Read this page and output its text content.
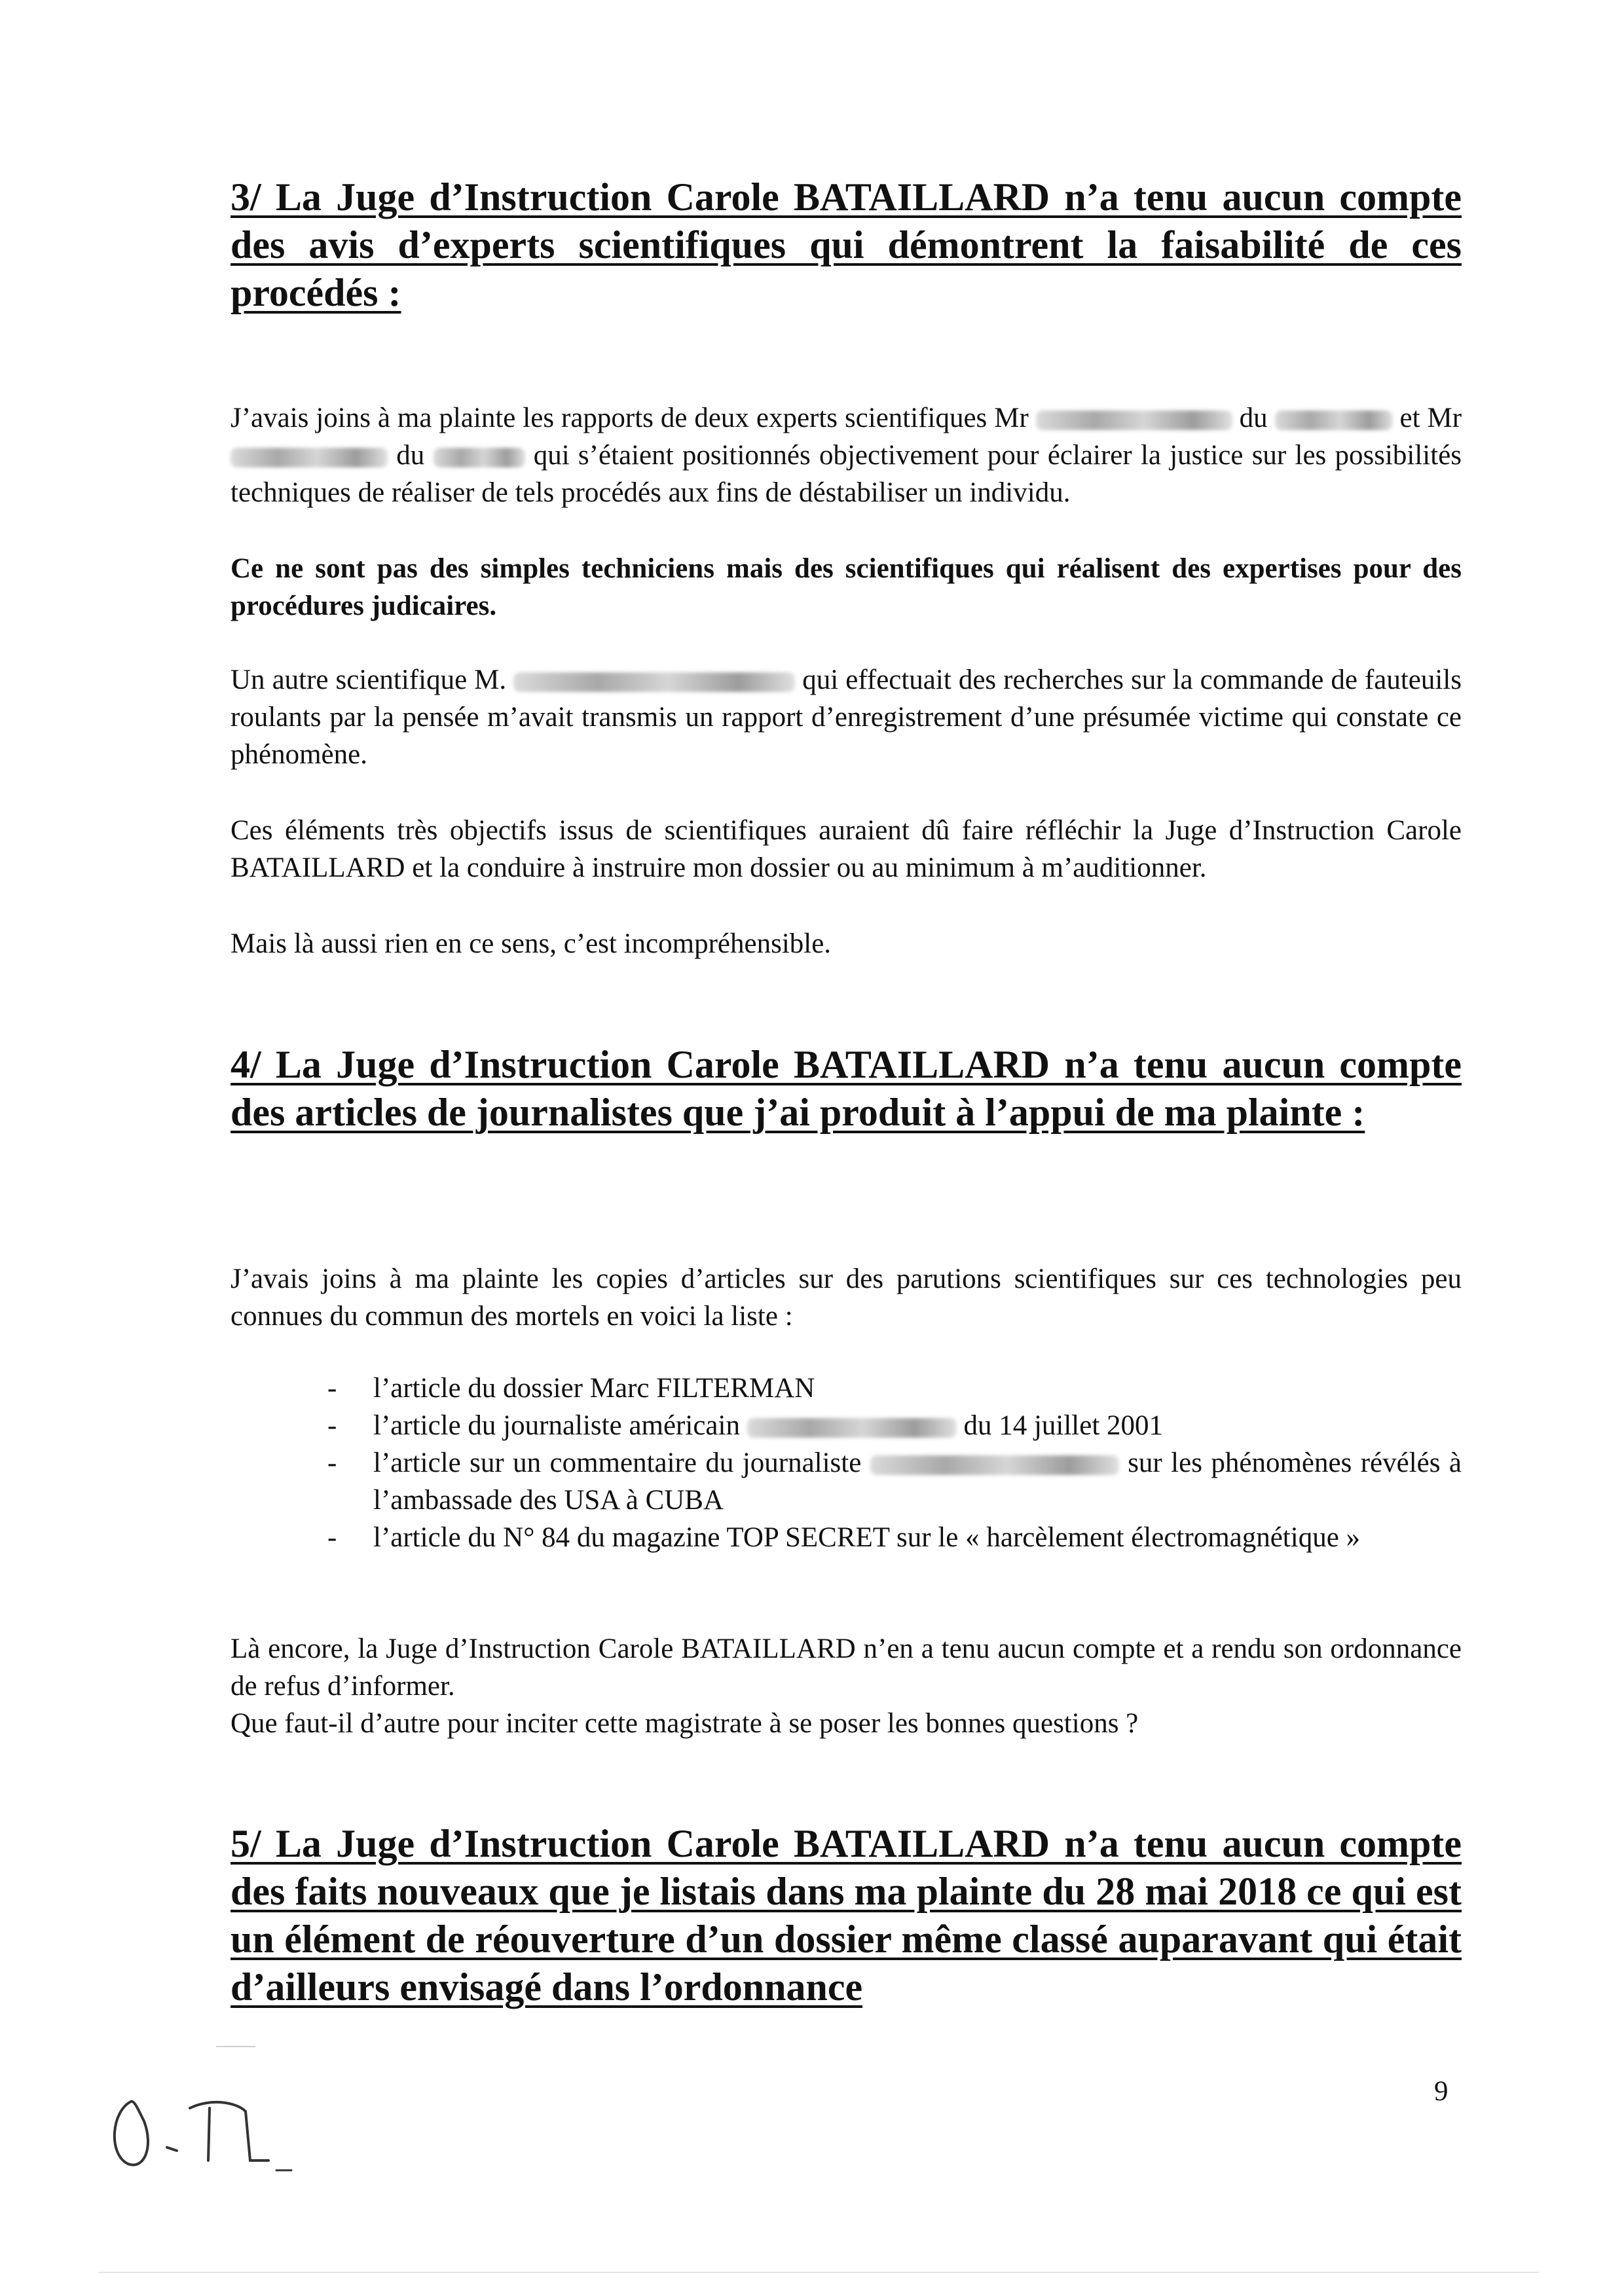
3/ La Juge d’Instruction Carole BATAILLARD n’a tenu aucun compte des avis d’experts scientifiques qui démontrent la faisabilité de ces procédés :

J’avais joins à ma plainte les rapports de deux experts scientifiques Mr	du	et Mr  du	qui s’étaient positionnés objectivement pour éclairer la justice sur les possibilités techniques de réaliser de tels procédés aux fins de déstabiliser un individu.

Ce ne sont pas des simples techniciens mais des scientifiques qui réalisent des expertises pour des procédures judicaires.

Un autre scientifique M.	qui effectuait des recherches sur la commande de fauteuils roulants par la pensée m’avait transmis un rapport d’enregistrement d’une présumée victime qui constate ce phénomène.

Ces éléments très objectifs issus de scientifiques auraient dû faire réfléchir la Juge d’Instruction Carole BATAILLARD et la conduire à instruire mon dossier ou au minimum à m’auditionner.

Mais là aussi rien en ce sens, c’est incompréhensible.

4/ La Juge d’Instruction Carole BATAILLARD n’a tenu aucun compte des articles de journalistes que j’ai produit à l’appui de ma plainte :

J’avais joins à ma plainte les copies d’articles sur des parutions scientifiques sur ces technologies peu connues du commun des mortels en voici la liste :

- l’article du dossier Marc FILTERMAN
- l’article du journaliste américain	du 14 juillet 2001
- l’article sur un commentaire du journaliste	sur les phénomènes révélés à l’ambassade des USA à CUBA
- l’article du N° 84 du magazine TOP SECRET sur le « harcèlement électromagnétique »

Là encore, la Juge d’Instruction Carole BATAILLARD n’en a tenu aucun compte et a rendu son ordonnance de refus d’informer.

Que faut-il d’autre pour inciter cette magistrate à se poser les bonnes questions ?

5/ La Juge d’Instruction Carole BATAILLARD n’a tenu aucun compte des faits nouveaux que je listais dans ma plainte du 28 mai 2018 ce qui est un élément de réouverture d’un dossier même classé auparavant qui était d’ailleurs envisagé dans l’ordonnance
9
